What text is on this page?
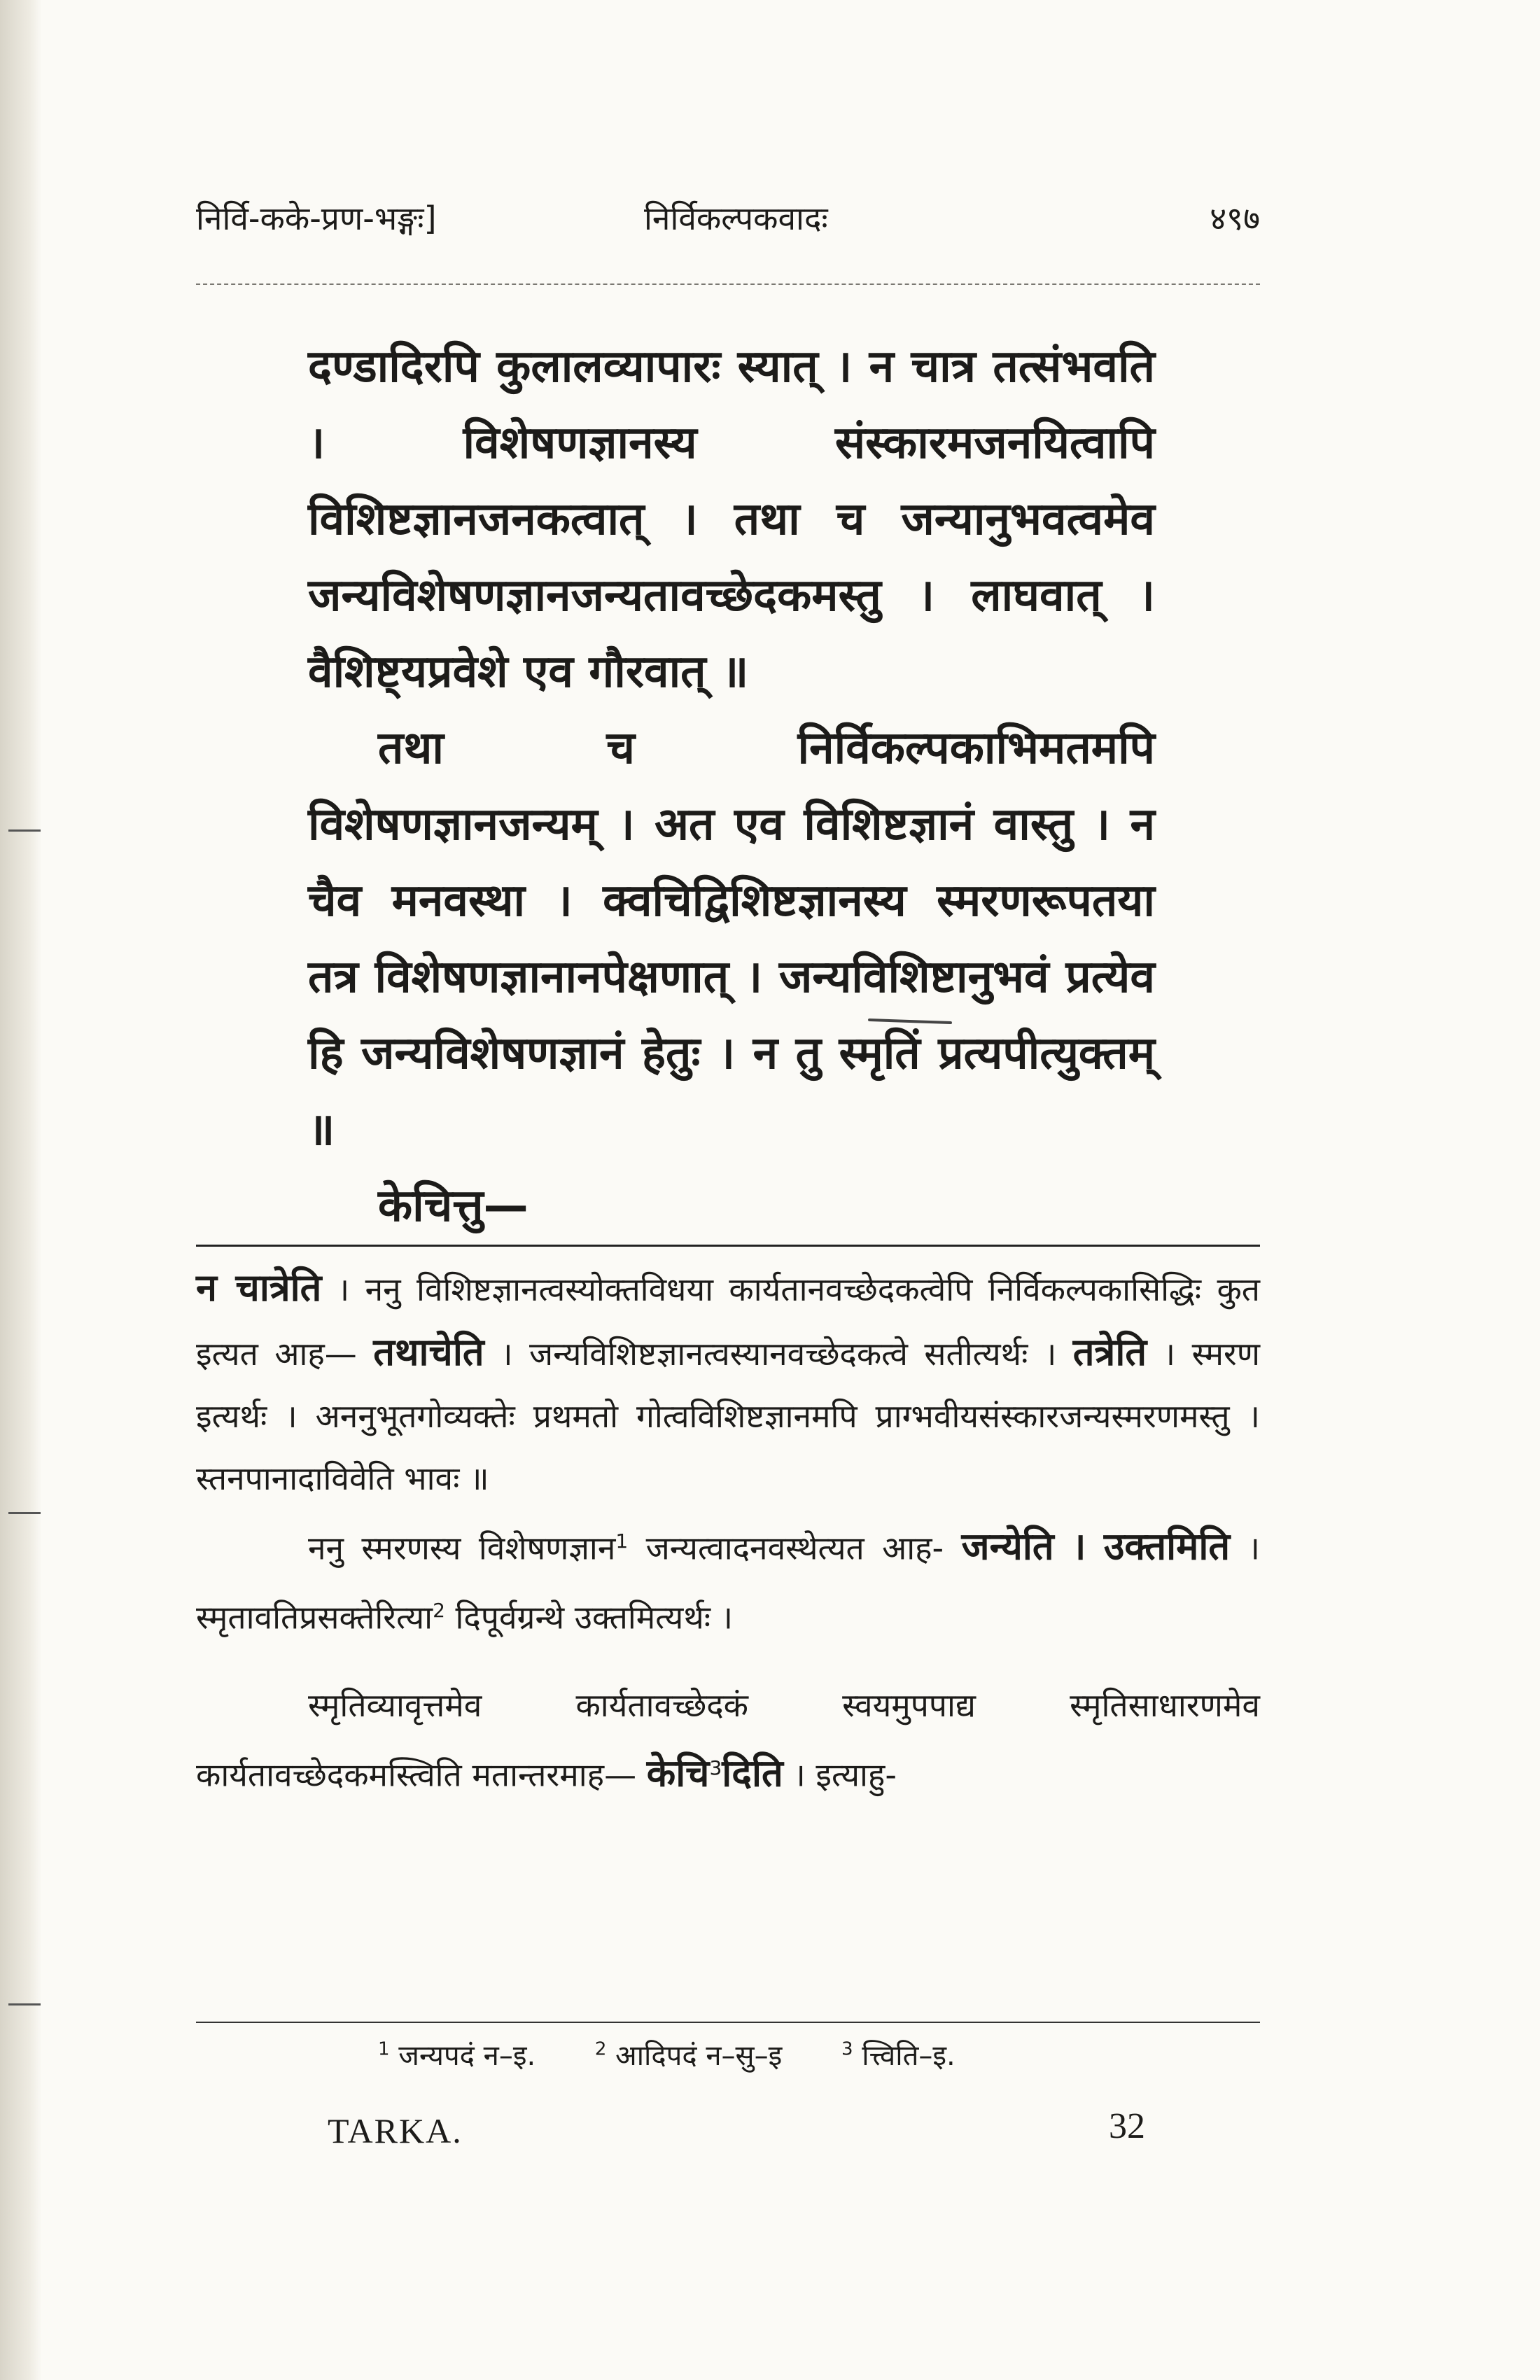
निर्वि-कके-प्रण-भङ्गः]	निर्विकल्पकवादः	४९७

दण्डादिरपि कुलालव्यापारः स्यात् । न चात्र तत्संभवति । विशेषणज्ञानस्य संस्कारमजनयित्वापि विशिष्टज्ञानजनकत्वात् । तथा च जन्यानुभवत्वमेव जन्यविशेषणज्ञानजन्यतावच्छेदकमस्तु । लाघवात् । वैशिष्ट्यप्रवेशे एव गौरवात् ॥

तथा च निर्विकल्पकाभिमतमपि विशेषणज्ञानजन्यम् । अत एव विशिष्टज्ञानं वास्तु । न चैव मनवस्था । क्वचिद्विशिष्टज्ञानस्य स्मरणरूपतया तत्र विशेषणज्ञानानपेक्षणात् । जन्यविशिष्टानुभवं प्रत्येव हि जन्यविशेषणज्ञानं हेतुः । न तु स्मृतिं प्रत्यपीत्युक्तम् ॥

केचित्तु—

न चात्रेति । ननु विशिष्टज्ञानत्वस्योक्तविधया कार्यतानवच्छेदकत्वेपि निर्विकल्पकासिद्धिः कुत इत्यत आह— तथाचेति । जन्यविशिष्टज्ञानत्वस्यानवच्छेदकत्वे सतीत्यर्थः । तत्रेति । स्मरण इत्यर्थः । अननुभूतगोव्यक्तेः प्रथमतो गोत्वविशिष्टज्ञानमपि प्राग्भवीयसंस्कारजन्यस्मरणमस्तु । स्तनपानादाविवेति भावः ॥

ननु स्मरणस्य विशेषणज्ञान$^1$ जन्यत्वादनवस्थेत्यत आह- जन्येति । उक्तमिति । स्मृतावतिप्रसक्तेरित्या$^2$ दिपूर्वग्रन्थे उक्तमित्यर्थः ।

स्मृतिव्यावृत्तमेव कार्यतावच्छेदकं स्वयमुपपाद्य स्मृतिसाधारणमेव कार्यतावच्छेदकमस्त्विति मतान्तरमाह— केचि$^3$दिति । इत्याहु-

$^1$ जन्यपदं न–इ.	$^2$ आदिपदं न–सु–इ	$^3$ त्त्विति–इ.
TARKA.	32
